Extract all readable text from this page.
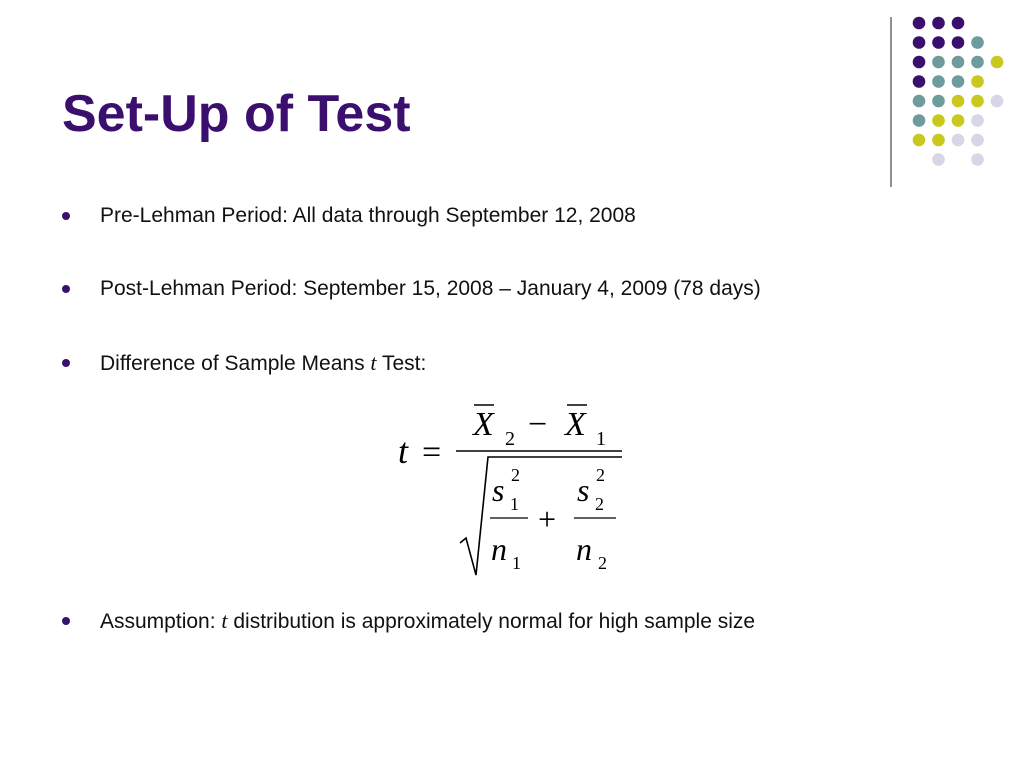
Set-Up of Test
Pre-Lehman Period: All data through September 12, 2008
Post-Lehman Period: September 15, 2008 – January 4, 2009 (78 days)
Difference of Sample Means t Test:
Assumption: t distribution is approximately normal for high sample size
t =
X 2 − X 1
s 2
1
n 1
+
s 2
2
n 2
